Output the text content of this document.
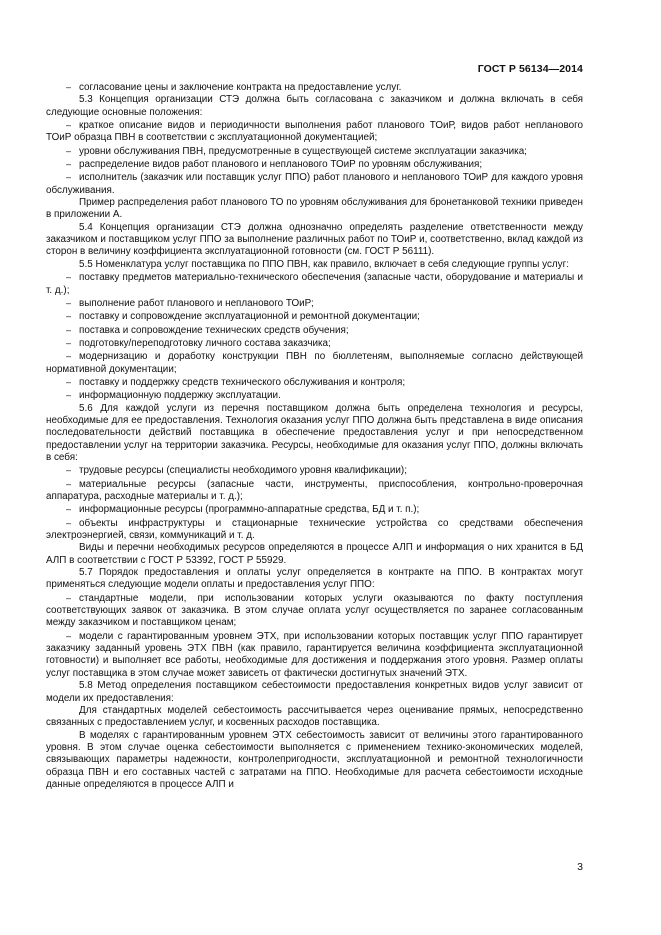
ГОСТ Р 56134—2014

– согласование цены и заключение контракта на предоставление услуг.

5.3 Концепция организации СТЭ должна быть согласована с заказчиком и должна включать в себя следующие основные положения:

– краткое описание видов и периодичности выполнения работ планового ТОиР, видов работ непланового ТОиР образца ПВН в соответствии с эксплуатационной документацией;

– уровни обслуживания ПВН, предусмотренные в существующей системе эксплуатации заказчика;

– распределение видов работ планового и непланового ТОиР по уровням обслуживания;

– исполнитель (заказчик или поставщик услуг ППО) работ планового и непланового ТОиР для каждого уровня обслуживания.

Пример распределения работ планового ТО по уровням обслуживания для бронетанковой техники приведен в приложении А.

5.4 Концепция организации СТЭ должна однозначно определять разделение ответственности между заказчиком и поставщиком услуг ППО за выполнение различных работ по ТОиР и, соответственно, вклад каждой из сторон в величину коэффициента эксплуатационной готовности (см. ГОСТ Р 56111).

5.5 Номенклатура услуг поставщика по ППО ПВН, как правило, включает в себя следующие группы услуг:

– поставку предметов материально-технического обеспечения (запасные части, оборудование и материалы и т. д.);

– выполнение работ планового и непланового ТОиР;

– поставку и сопровождение эксплуатационной и ремонтной документации;

– поставка и сопровождение технических средств обучения;

– подготовку/переподготовку личного состава заказчика;

– модернизацию и доработку конструкции ПВН по бюллетеням, выполняемые согласно действующей нормативной документации;

– поставку и поддержку средств технического обслуживания и контроля;

– информационную поддержку эксплуатации.

5.6 Для каждой услуги из перечня поставщиком должна быть определена технология и ресурсы, необходимые для ее предоставления. Технология оказания услуг ППО должна быть представлена в виде описания последовательности действий поставщика в обеспечение предоставления услуг и при непосредственном предоставлении услуг на территории заказчика. Ресурсы, необходимые для оказания услуг ППО, должны включать в себя:

– трудовые ресурсы (специалисты необходимого уровня квалификации);

– материальные ресурсы (запасные части, инструменты, приспособления, контрольно-проверочная аппаратура, расходные материалы и т. д.);

– информационные ресурсы (программно-аппаратные средства, БД и т. п.);

– объекты инфраструктуры и стационарные технические устройства со средствами обеспечения электроэнергией, связи, коммуникаций и т. д.

Виды и перечни необходимых ресурсов определяются в процессе АЛП и информация о них хранится в БД АЛП в соответствии с ГОСТ Р 53392, ГОСТ Р 55929.

5.7 Порядок предоставления и оплаты услуг определяется в контракте на ППО. В контрактах могут применяться следующие модели оплаты и предоставления услуг ППО:

– стандартные модели, при использовании которых услуги оказываются по факту поступления соответствующих заявок от заказчика. В этом случае оплата услуг осуществляется по заранее согласованным между заказчиком и поставщиком ценам;

– модели с гарантированным уровнем ЭТХ, при использовании которых поставщик услуг ППО гарантирует заказчику заданный уровень ЭТХ ПВН (как правило, гарантируется величина коэффициента эксплуатационной готовности) и выполняет все работы, необходимые для достижения и поддержания этого уровня. Размер оплаты услуг поставщика в этом случае может зависеть от фактически достигнутых значений ЭТХ.

5.8 Метод определения поставщиком себестоимости предоставления конкретных видов услуг зависит от модели их предоставления:

Для стандартных моделей себестоимость рассчитывается через оценивание прямых, непосредственно связанных с предоставлением услуг, и косвенных расходов поставщика.

В моделях с гарантированным уровнем ЭТХ себестоимость зависит от величины этого гарантированного уровня. В этом случае оценка себестоимости выполняется с применением технико-экономических моделей, связывающих параметры надежности, контролепригодности, эксплуатационной и ремонтной технологичности образца ПВН и его составных частей с затратами на ППО. Необходимые для расчета себестоимости исходные данные определяются в процессе АЛП и

3
